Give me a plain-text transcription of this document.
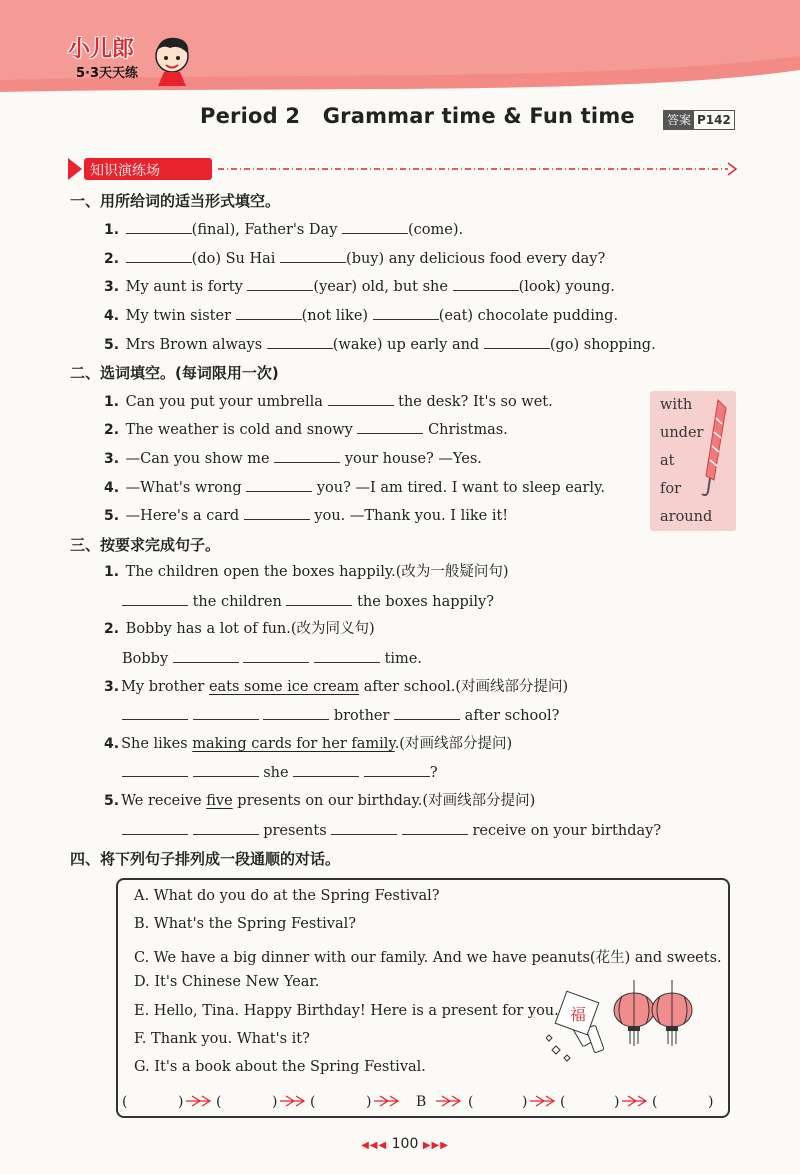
小儿郎
5·3天天练
Period 2   Grammar time & Fun time	答案 P142
知识演练场
一、用所给词的适当形式填空。
1.	(final), Father's Day	(come).
2.	(do) Su Hai	(buy) any delicious food every day?
3. My aunt is forty	(year) old, but she	(look) young.
4. My twin sister	(not like)	(eat) chocolate pudding.
5. Mrs Brown always	(wake) up early and	(go) shopping.
二、选词填空。(每词限用一次)
1. Can you put your umbrella	the desk? It's so wet.
2. The weather is cold and snowy	Christmas.
3. —Can you show me	your house? —Yes.
4. —What's wrong	you? —I am tired. I want to sleep early.
5. —Here's a card	you. —Thank you. I like it!
with
under
at
for
around
三、按要求完成句子。
1. The children open the boxes happily.(改为一般疑问句)
the children	the boxes happily?
2. Bobby has a lot of fun.(改为同义句)
Bobby	time.
3. My brother eats some ice cream after school.(对画线部分提问)
brother	after school?
4. She likes making cards for her family.(对画线部分提问)
she	?
5. We receive five presents on our birthday.(对画线部分提问)
presents	receive on your birthday?
四、将下列句子排列成一段通顺的对话。
A. What do you do at the Spring Festival?
B. What's the Spring Festival?
C. We have a big dinner with our family. And we have peanuts(花生) and sweets.
D. It's Chinese New Year.
E. Hello, Tina. Happy Birthday! Here is a present for you.
F. Thank you. What's it?
G. It's a book about the Spring Festival.
福
(	) (	) (	)	B	(	) (	) (	)
◀◀◀ 100 ▶▶▶
